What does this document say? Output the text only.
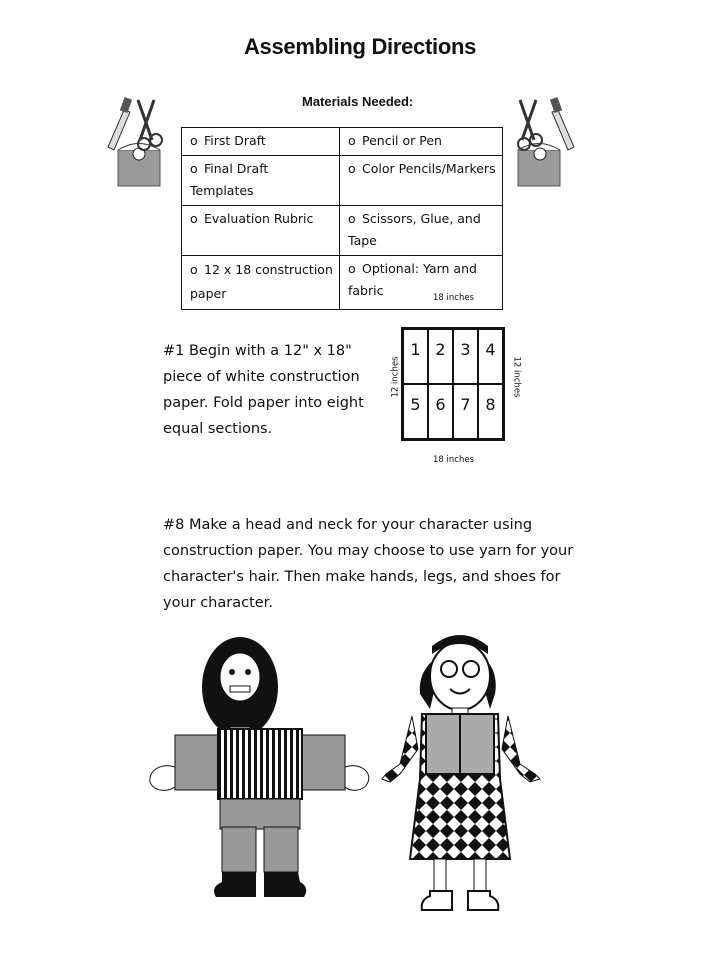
Assembling Directions
Materials Needed:
o First Draft	o Pencil or Pen
o Final Draft Templates	o Color Pencils/Markers
o Evaluation Rubric	o Scissors, Glue, and Tape
o 12 x 18 construction paper	o Optional: Yarn and fabric
#1 Begin with a 12" x 18" piece of white construction paper. Fold paper into eight equal sections.
18 inches
18 inches
12 inches	12 inches
1 2 3 4
5 6 7 8
#8 Make a head and neck for your character using construction paper. You may choose to use yarn for your character's hair. Then make hands, legs, and shoes for your character.
